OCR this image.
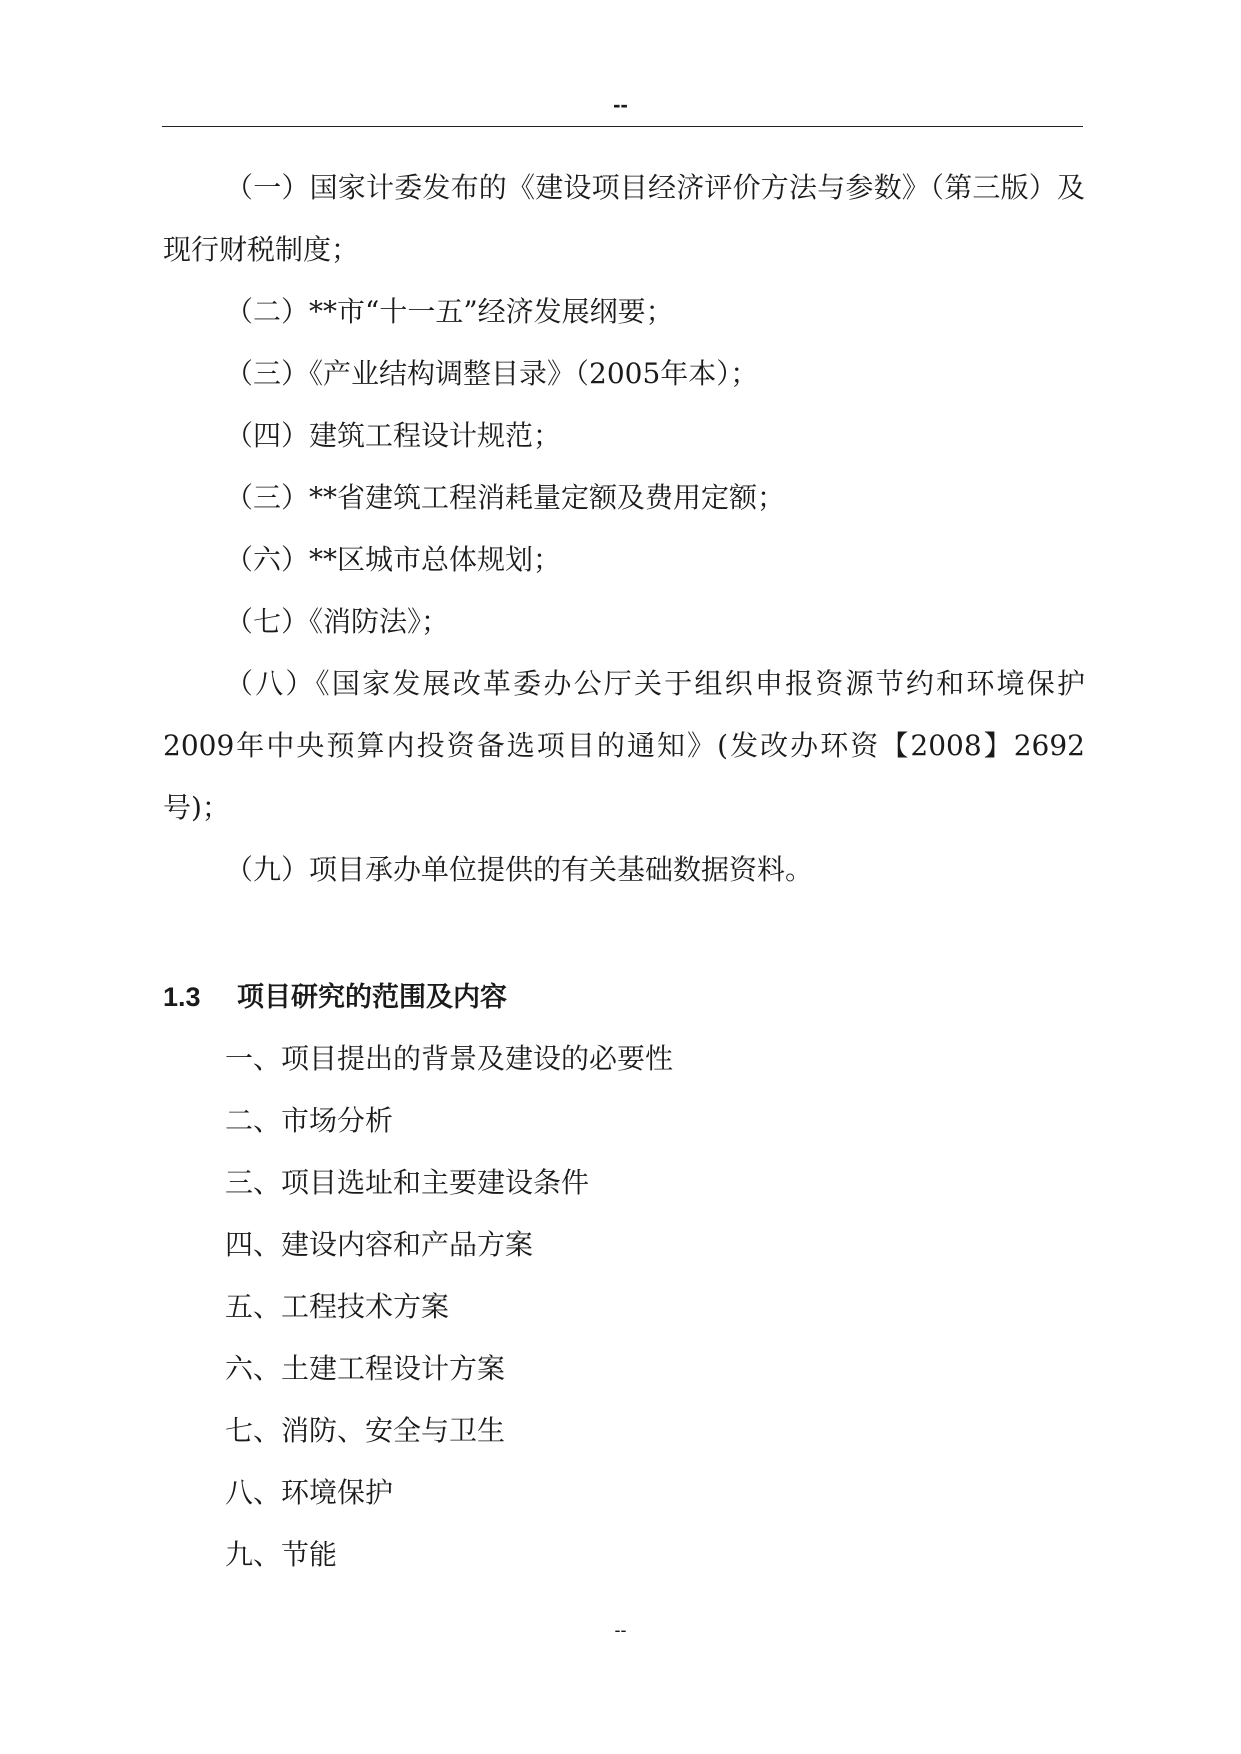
--

（一）国家计委发布的《建设项目经济评价方法与参数》（第三版）及现行财税制度；

（二）**市“十一五”经济发展纲要；

（三）《产业结构调整目录》（2005年本）；

（四）建筑工程设计规范；

（三）**省建筑工程消耗量定额及费用定额；

（六）**区城市总体规划；

（七）《消防法》；

（八）《国家发展改革委办公厅关于组织申报资源节约和环境保护2009年中央预算内投资备选项目的通知》(发改办环资【2008】2692号)；

（九）项目承办单位提供的有关基础数据资料。

1.3 项目研究的范围及内容

一、项目提出的背景及建设的必要性

二、市场分析

三、项目选址和主要建设条件

四、建设内容和产品方案

五、工程技术方案

六、土建工程设计方案

七、消防、安全与卫生

八、环境保护

九、节能

--
